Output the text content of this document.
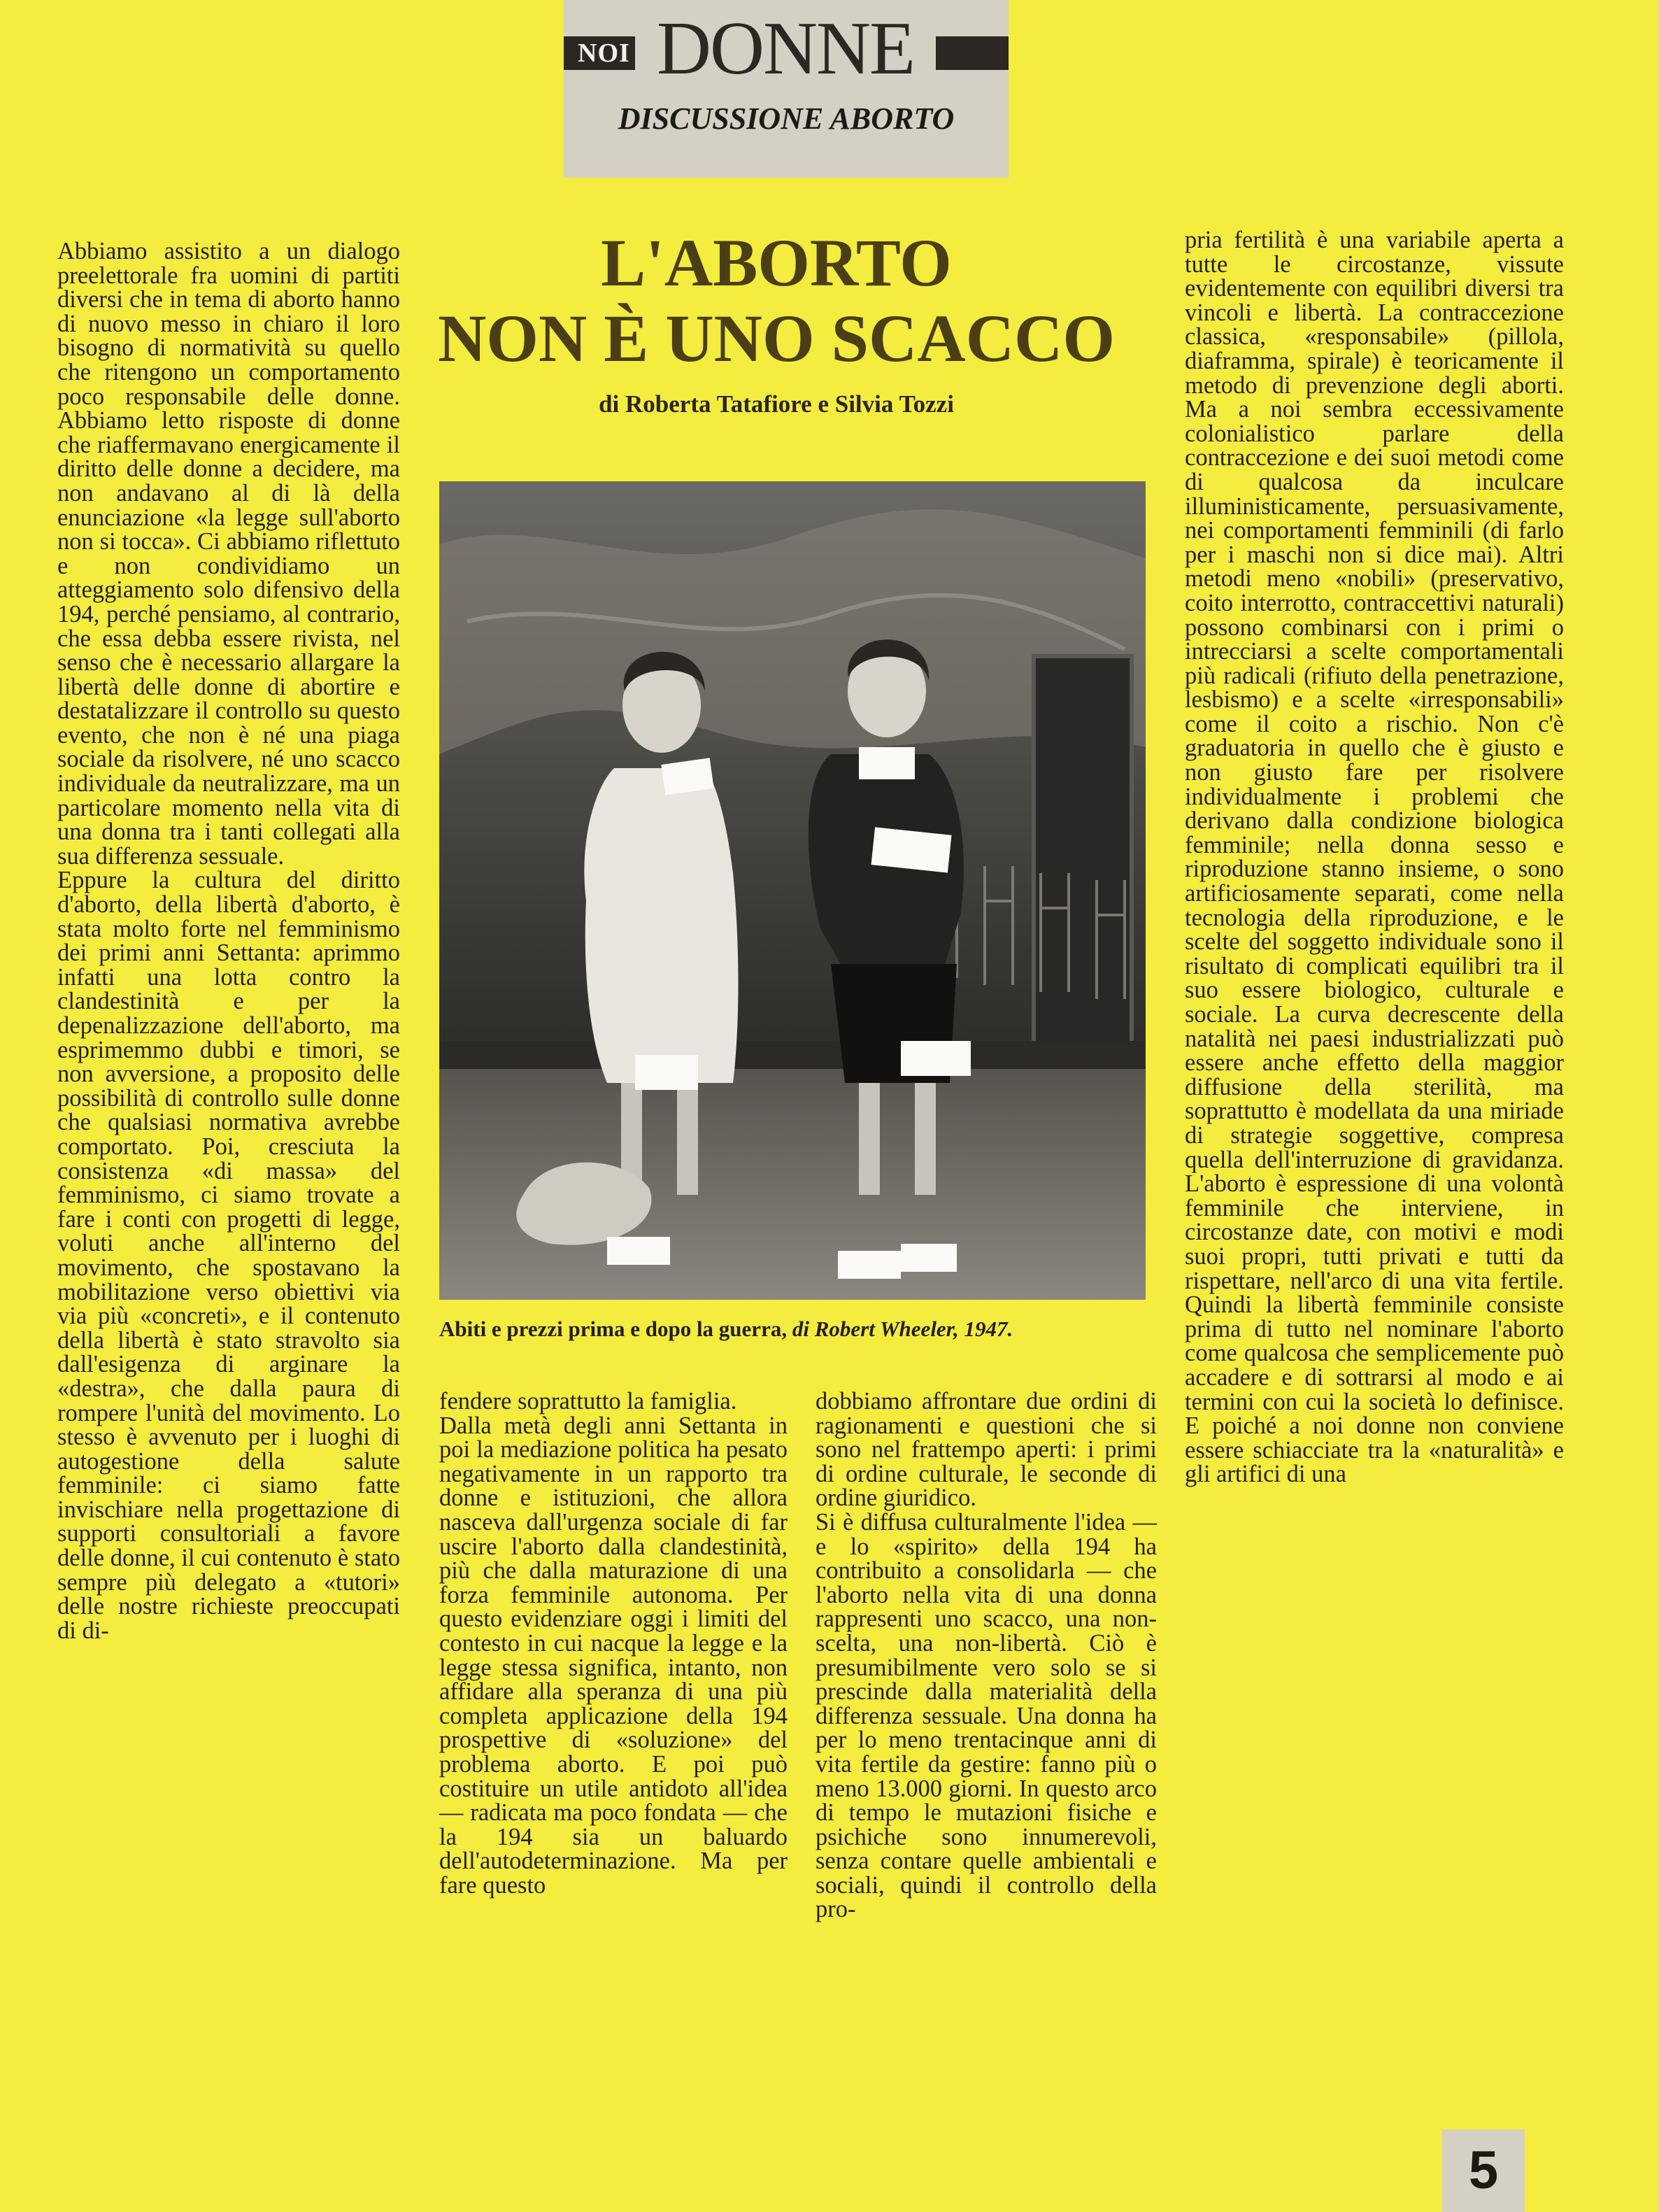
NOI DONNE
DISCUSSIONE ABORTO
L'ABORTO
NON È UNO SCACCO
di Roberta Tatafiore e Silvia Tozzi
Abiti e prezzi prima e dopo la guerra, di Robert Wheeler, 1947.

Abbiamo assistito a un dialogo preelettorale fra uomini di partiti diversi che in tema di aborto hanno di nuovo messo in chiaro il loro bisogno di normatività su quello che ritengono un comportamento poco responsabile delle donne. Abbiamo letto risposte di donne che riaffermavano energicamente il diritto delle donne a decidere, ma non andavano al di là della enunciazione «la legge sull'aborto non si tocca». Ci abbiamo riflettuto e non condividiamo un atteggiamento solo difensivo della 194, perché pensiamo, al contrario, che essa debba essere rivista, nel senso che è necessario allargare la libertà delle donne di abortire e destatalizzare il controllo su questo evento, che non è né una piaga sociale da risolvere, né uno scacco individuale da neutralizzare, ma un particolare momento nella vita di una donna tra i tanti collegati alla sua differenza sessuale.

Eppure la cultura del diritto d'aborto, della libertà d'aborto, è stata molto forte nel femminismo dei primi anni Settanta: aprimmo infatti una lotta contro la clandestinità e per la depenalizzazione dell'aborto, ma esprimemmo dubbi e timori, se non avversione, a proposito delle possibilità di controllo sulle donne che qualsiasi normativa avrebbe comportato. Poi, cresciuta la consistenza «di massa» del femminismo, ci siamo trovate a fare i conti con progetti di legge, voluti anche all'interno del movimento, che spostavano la mobilitazione verso obiettivi via via più «concreti», e il contenuto della libertà è stato stravolto sia dall'esigenza di arginare la «destra», che dalla paura di rompere l'unità del movimento. Lo stesso è avvenuto per i luoghi di autogestione della salute femminile: ci siamo fatte invischiare nella progettazione di supporti consultoriali a favore delle donne, il cui contenuto è stato sempre più delegato a «tutori» delle nostre richieste preoccupati di di-

fendere soprattutto la famiglia.

Dalla metà degli anni Settanta in poi la mediazione politica ha pesato negativamente in un rapporto tra donne e istituzioni, che allora nasceva dall'urgenza sociale di far uscire l'aborto dalla clandestinità, più che dalla maturazione di una forza femminile autonoma. Per questo evidenziare oggi i limiti del contesto in cui nacque la legge e la legge stessa significa, intanto, non affidare alla speranza di una più completa applicazione della 194 prospettive di «soluzione» del problema aborto. E poi può costituire un utile antidoto all'idea — radicata ma poco fondata — che la 194 sia un baluardo dell'autodeterminazione. Ma per fare questo

dobbiamo affrontare due ordini di ragionamenti e questioni che si sono nel frattempo aperti: i primi di ordine culturale, le seconde di ordine giuridico.

Si è diffusa culturalmente l'idea — e lo «spirito» della 194 ha contribuito a consolidarla — che l'aborto nella vita di una donna rappresenti uno scacco, una non-scelta, una non-libertà. Ciò è presumibilmente vero solo se si prescinde dalla materialità della differenza sessuale. Una donna ha per lo meno trentacinque anni di vita fertile da gestire: fanno più o meno 13.000 giorni. In questo arco di tempo le mutazioni fisiche e psichiche sono innumerevoli, senza contare quelle ambientali e sociali, quindi il controllo della pro-

pria fertilità è una variabile aperta a tutte le circostanze, vissute evidentemente con equilibri diversi tra vincoli e libertà. La contraccezione classica, «responsabile» (pillola, diaframma, spirale) è teoricamente il metodo di prevenzione degli aborti. Ma a noi sembra eccessivamente colonialistico parlare della contraccezione e dei suoi metodi come di qualcosa da inculcare illuministicamente, persuasivamente, nei comportamenti femminili (di farlo per i maschi non si dice mai). Altri metodi meno «nobili» (preservativo, coito interrotto, contraccettivi naturali) possono combinarsi con i primi o intrecciarsi a scelte comportamentali più radicali (rifiuto della penetrazione, lesbismo) e a scelte «irresponsabili» come il coito a rischio. Non c'è graduatoria in quello che è giusto e non giusto fare per risolvere individualmente i problemi che derivano dalla condizione biologica femminile; nella donna sesso e riproduzione stanno insieme, o sono artificiosamente separati, come nella tecnologia della riproduzione, e le scelte del soggetto individuale sono il risultato di complicati equilibri tra il suo essere biologico, culturale e sociale. La curva decrescente della natalità nei paesi industrializzati può essere anche effetto della maggior diffusione della sterilità, ma soprattutto è modellata da una miriade di strategie soggettive, compresa quella dell'interruzione di gravidanza. L'aborto è espressione di una volontà femminile che interviene, in circostanze date, con motivi e modi suoi propri, tutti privati e tutti da rispettare, nell'arco di una vita fertile. Quindi la libertà femminile consiste prima di tutto nel nominare l'aborto come qualcosa che semplicemente può accadere e di sottrarsi al modo e ai termini con cui la società lo definisce. E poiché a noi donne non conviene essere schiacciate tra la «naturalità» e gli artifici di una

5
